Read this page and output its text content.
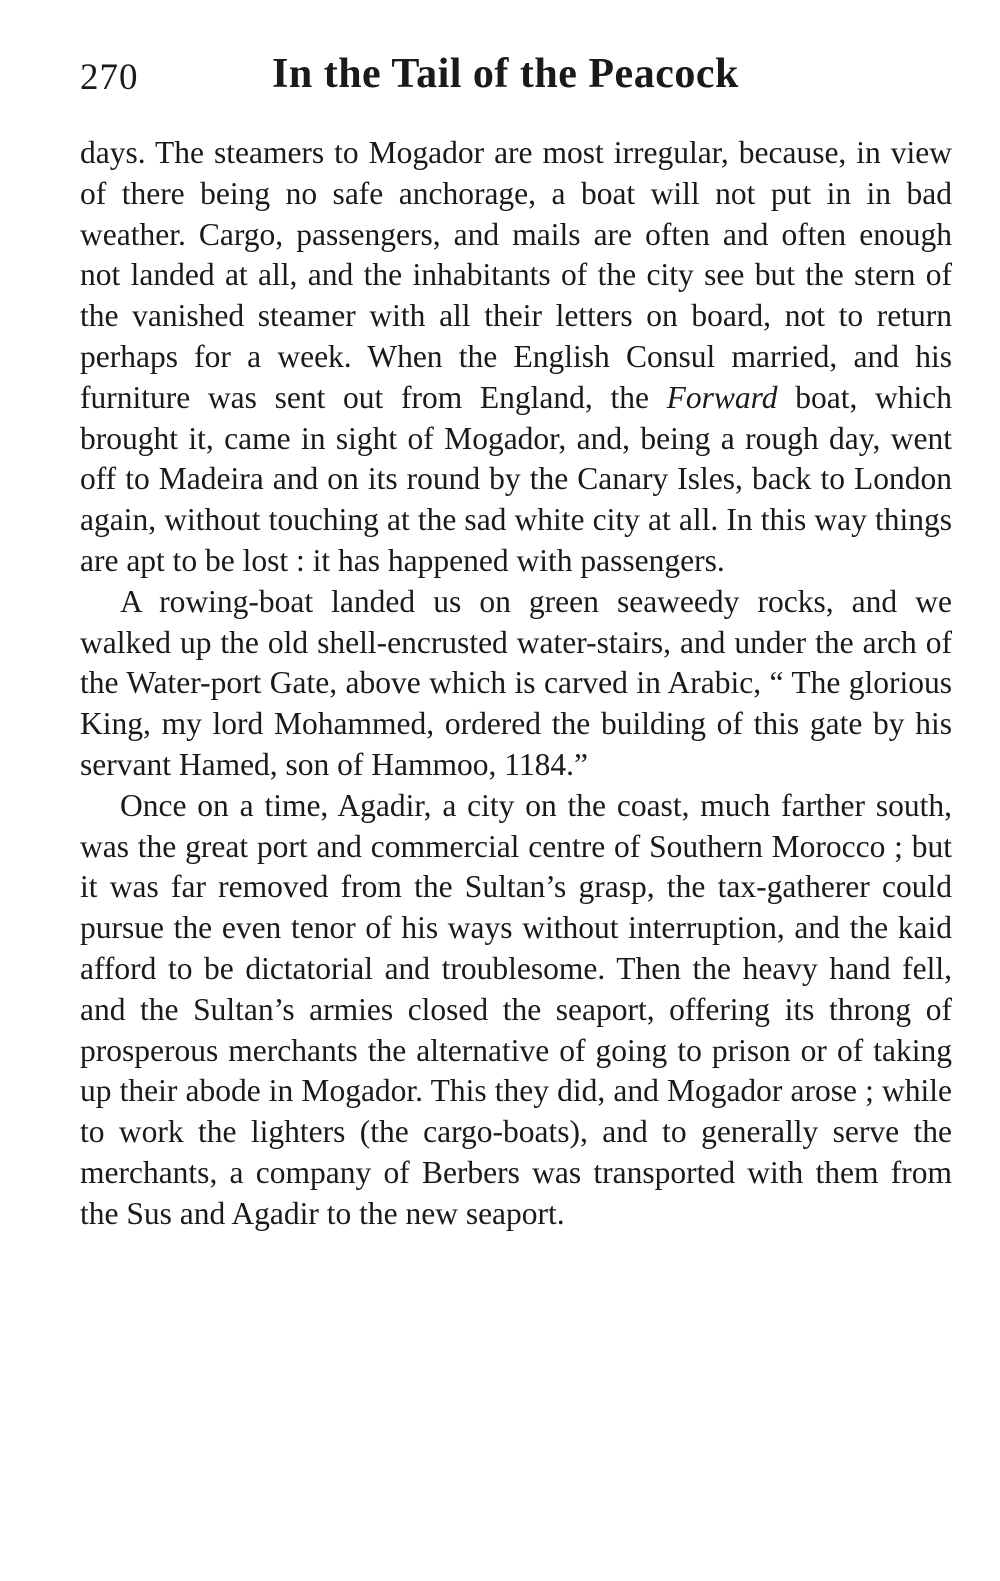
270	In the Tail of the Peacock

days. The steamers to Mogador are most irregular, because, in view of there being no safe anchorage, a boat will not put in in bad weather. Cargo, passengers, and mails are often and often enough not landed at all, and the inhabitants of the city see but the stern of the vanished steamer with all their letters on board, not to return perhaps for a week. When the English Consul married, and his furniture was sent out from England, the Forward boat, which brought it, came in sight of Mogador, and, being a rough day, went off to Madeira and on its round by the Canary Isles, back to London again, without touching at the sad white city at all. In this way things are apt to be lost : it has happened with passengers.

A rowing-boat landed us on green seaweedy rocks, and we walked up the old shell-encrusted water-stairs, and under the arch of the Water-port Gate, above which is carved in Arabic, “ The glorious King, my lord Mohammed, ordered the building of this gate by his servant Hamed, son of Hammoo, 1184.”

Once on a time, Agadir, a city on the coast, much farther south, was the great port and commercial centre of Southern Morocco ; but it was far removed from the Sultan’s grasp, the tax-gatherer could pursue the even tenor of his ways without interruption, and the kaid afford to be dictatorial and troublesome. Then the heavy hand fell, and the Sultan’s armies closed the seaport, offering its throng of prosperous merchants the alternative of going to prison or of taking up their abode in Mogador. This they did, and Mogador arose ; while to work the lighters (the cargo-boats), and to generally serve the merchants, a company of Berbers was transported with them from the Sus and Agadir to the new seaport.
